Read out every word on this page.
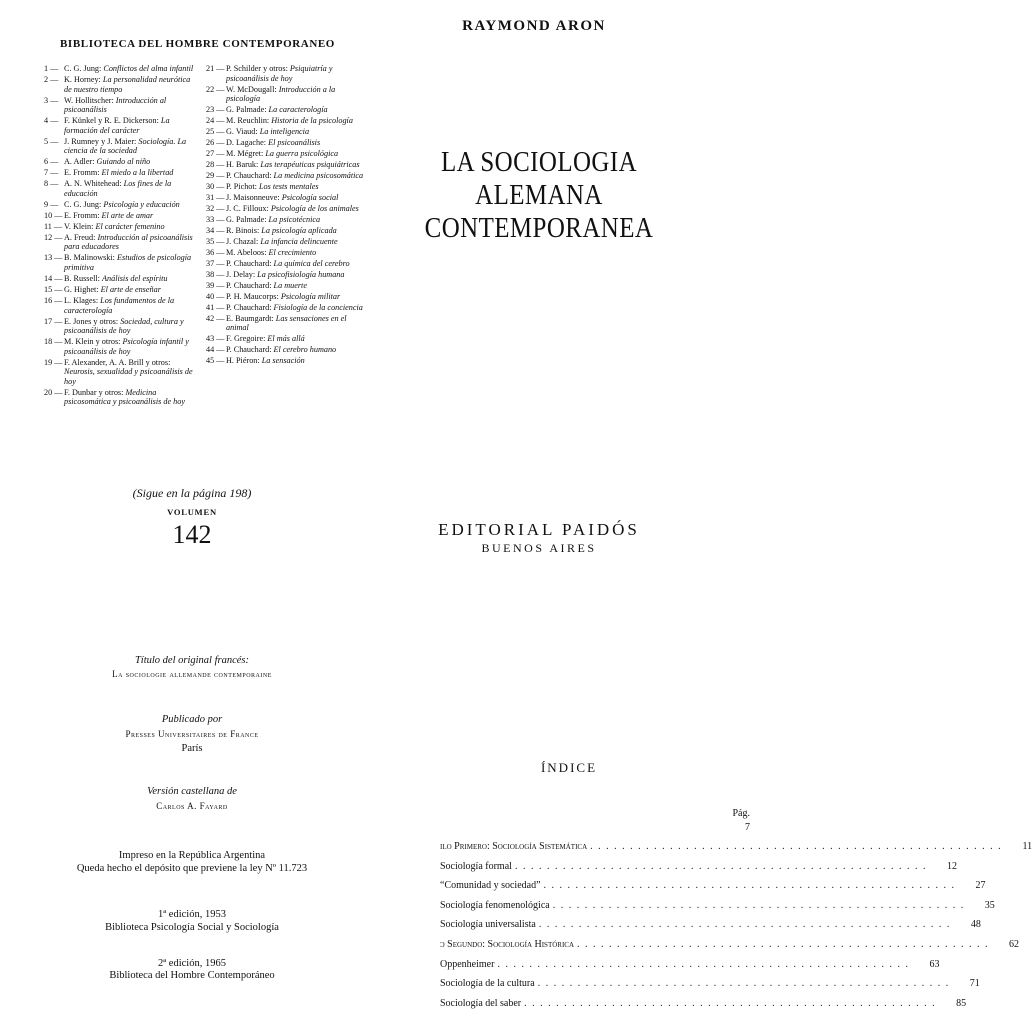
BIBLIOTECA DEL HOMBRE CONTEMPORANEO
1 — C. G. Jung: Conflictos del alma infantil
2 — K. Horney: La personalidad neurótica de nuestro tiempo
3 — W. Hollitscher: Introducción al psicoanálisis
4 — F. Künkel y R. E. Dickerson: La formación del carácter
5 — J. Rumney y J. Maier: Sociología. La ciencia de la sociedad
6 — A. Adler: Guiando al niño
7 — E. Fromm: El miedo a la libertad
8 — A. N. Whitehead: Los fines de la educación
9 — C. G. Jung: Psicología y educación
10 — E. Fromm: El arte de amar
11 — V. Klein: El carácter femenino
12 — A. Freud: Introducción al psicoanálisis para educadores
13 — B. Malinowski: Estudios de psicología primitiva
14 — B. Russell: Análisis del espíritu
15 — G. Highet: El arte de enseñar
16 — L. Klages: Los fundamentos de la caracterología
17 — E. Jones y otros: Sociedad, cultura y psicoanálisis de hoy
18 — M. Klein y otros: Psicología infantil y psicoanálisis de hoy
19 — F. Alexander, A. A. Brill y otros: Neurosis, sexualidad y psicoanálisis de hoy
20 — F. Dunbar y otros: Medicina psicosomática y psicoanálisis de hoy
21 — P. Schilder y otros: Psiquiatría y psicoanálisis de hoy
22 — W. McDougall: Introducción a la psicología
23 — G. Palmade: La caracterología
24 — M. Reuchlin: Historia de la psicología
25 — G. Viaud: La inteligencia
26 — D. Lagache: El psicoanálisis
27 — M. Mégret: La guerra psicológica
28 — H. Baruk: Las terapéuticas psiquiátricas
29 — P. Chauchard: La medicina psicosomática
30 — P. Pichot: Los tests mentales
31 — J. Maisonneuve: Psicología social
32 — J. C. Filloux: Psicología de los animales
33 — G. Palmade: La psicotécnica
34 — R. Binois: La psicología aplicada
35 — J. Chazal: La infancia delincuente
36 — M. Abeloos: El crecimiento
37 — P. Chauchard: La química del cerebro
38 — J. Delay: La psicofisiología humana
39 — P. Chauchard: La muerte
40 — P. H. Maucorps: Psicología militar
41 — P. Chauchard: Fisiología de la conciencia
42 — E. Baumgardt: Las sensaciones en el animal
43 — F. Gregoire: El más allá
44 — P. Chauchard: El cerebro humano
45 — H. Piéron: La sensación
(Sigue en la página 198)
VOLUMEN
142
Título del original francés:
La sociologie allemande contemporaine
Publicado por
Presses Universitaires de France
París
Versión castellana de
Carlos A. Fayard
Impreso en la República Argentina
Queda hecho el depósito que previene la ley Nº 11.723
1ª edición, 1953
Biblioteca Psicología Social y Sociología
2ª edición, 1965
Biblioteca del Hombre Contemporáneo
RAYMOND ARON
LA SOCIOLOGIA
ALEMANA
CONTEMPORANEA
EDITORIAL PAIDÓS
BUENOS AIRES
ÍNDICE
Pág.
7
ılo Primero: Sociología Sistemática . . . . . . . . . . . . . . . . . . . . . . . . . . . . . . . . . . . . . . . . . . . . . . . . . . . .	11
Sociología formal . . . . . . . . . . . . . . . . . . . . . . . . . . . . . . . . . . . . . . . . . . . . . . . . . . . .	12
“Comunidad y sociedad” . . . . . . . . . . . . . . . . . . . . . . . . . . . . . . . . . . . . . . . . . . . . . . . . . . . .	27
Sociología fenomenológica . . . . . . . . . . . . . . . . . . . . . . . . . . . . . . . . . . . . . . . . . . . . . . . . . . . .	35
Sociología universalista . . . . . . . . . . . . . . . . . . . . . . . . . . . . . . . . . . . . . . . . . . . . . . . . . . . .	48
ɔ Segundo: Sociología Histórica . . . . . . . . . . . . . . . . . . . . . . . . . . . . . . . . . . . . . . . . . . . . . . . . . . . .	62
Oppenheimer . . . . . . . . . . . . . . . . . . . . . . . . . . . . . . . . . . . . . . . . . . . . . . . . . . . .	63
Sociología de la cultura . . . . . . . . . . . . . . . . . . . . . . . . . . . . . . . . . . . . . . . . . . . . . . . . . . . .	71
Sociología del saber . . . . . . . . . . . . . . . . . . . . . . . . . . . . . . . . . . . . . . . . . . . . . . . . . . . .	85
